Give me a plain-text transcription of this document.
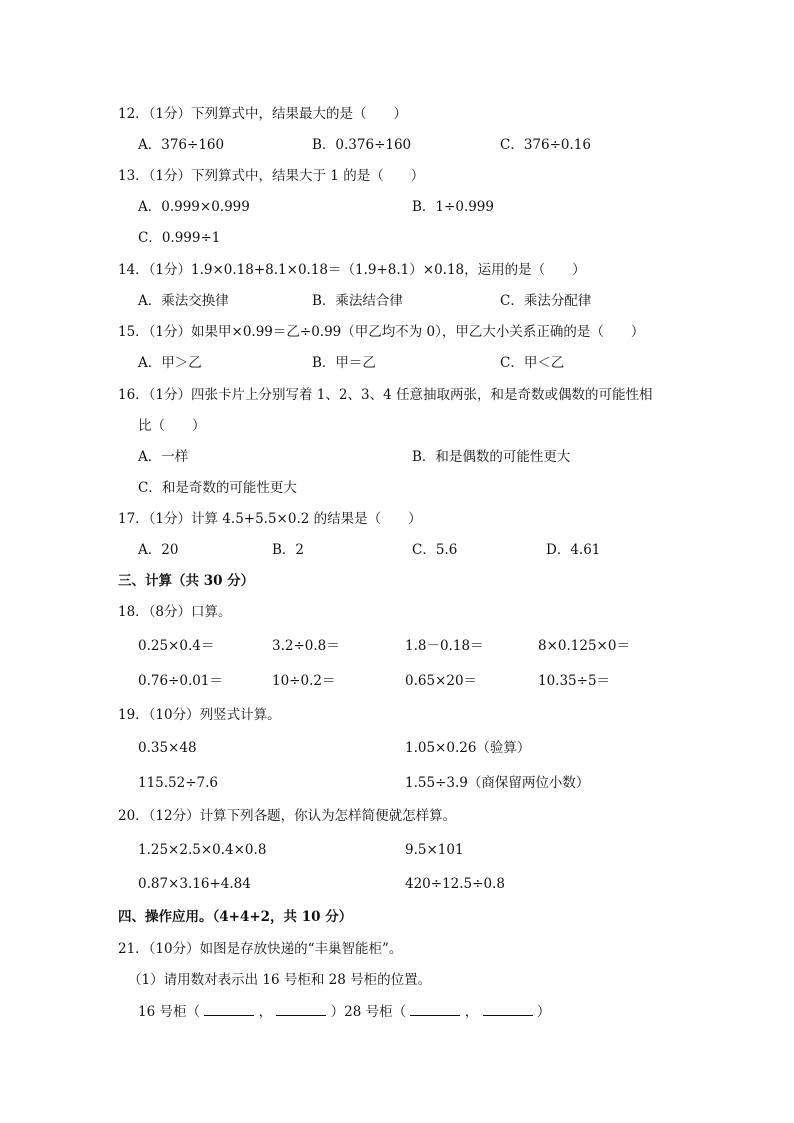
12．（1分）下列算式中，结果最大的是（　　）
A．376÷160	B．0.376÷160	C．376÷0.16
13．（1分）下列算式中，结果大于 1 的是（　　）
A．0.999×0.999	B．1÷0.999
C．0.999÷1
14．（1分）1.9×0.18+8.1×0.18＝（1.9+8.1）×0.18，运用的是（　　）
A．乘法交换律	B．乘法结合律	C．乘法分配律
15．（1分）如果甲×0.99＝乙÷0.99（甲乙均不为 0），甲乙大小关系正确的是（　　）
A．甲＞乙	B．甲＝乙	C．甲＜乙
16．（1分）四张卡片上分别写着 1、2、3、4 任意抽取两张，和是奇数或偶数的可能性相
比（　　）
A．一样	B．和是偶数的可能性更大
C．和是奇数的可能性更大
17．（1分）计算 4.5+5.5×0.2 的结果是（　　）
A．20	B．2	C．5.6	D．4.61
三、计算（共 30 分）
18．（8分）口算。
0.25×0.4＝	3.2÷0.8＝	1.8－0.18＝	8×0.125×0＝
0.76÷0.01＝	10÷0.2＝	0.65×20＝	10.35÷5＝
19．（10分）列竖式计算。
0.35×48	1.05×0.26（验算）
115.52÷7.6	1.55÷3.9（商保留两位小数）
20．（12分）计算下列各题，你认为怎样简便就怎样算。
1.25×2.5×0.4×0.8	9.5×101
0.87×3.16+4.84	420÷12.5÷0.8
四、操作应用。（4+4+2，共 10 分）
21．（10分）如图是存放快递的“丰巢智能柜”。
（1）请用数对表示出 16 号柜和 28 号柜的位置。
16 号柜（	，	）28 号柜（	，	）
